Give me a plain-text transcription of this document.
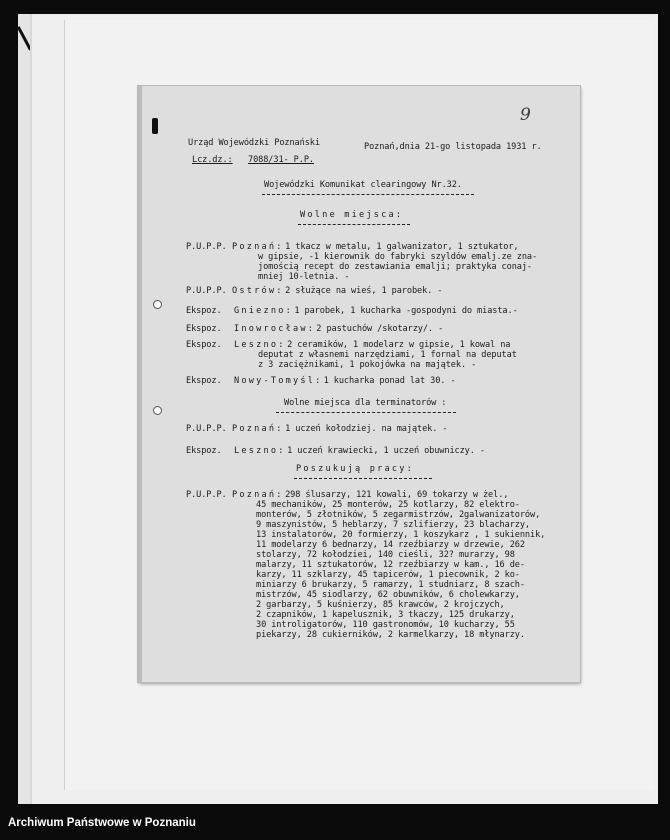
9
Urząd Wojewódzki Poznański	Poznań,dnia 21-go listopada 1931 r.
Lcz.dz.: 7088/31- P.P.
Wojewódzki Komunikat clearingowy Nr.32.
Wolne miejsca:
P.U.P.P. Poznań: 1 tkacz w metalu, 1 galwanizator, 1 sztukator,
w gipsie, -1 kierownik do fabryki szyldów emalj.ze zna-
jomością recept do zestawiania emalji; praktyka conaj-
mniej 10-letnia. -
P.U.P.P. Ostrów: 2 służące na wieś, 1 parobek. -
Ekspoz. Gniezno: 1 parobek, 1 kucharka -gospodyni do miasta.-
Ekspoz. Inowrocław: 2 pastuchów /skotarzy/. -
Ekspoz. Leszno: 2 ceramików, 1 modelarz w gipsie, 1 kowal na
deputat z własnemi narzędziami, 1 fornal na deputat
z 3 zaciężnikami, 1 pokojówka na majątek. -
Ekspoz. Nowy-Tomyśl: 1 kucharka ponad lat 30. -
Wolne miejsca dla terminatorów :
P.U.P.P. Poznań: 1 uczeń kołodziej. na majątek. -
Ekspoz. Leszno: 1 uczeń krawiecki, 1 uczeń obuwniczy. -
Poszukują pracy:
P.U.P.P. Poznań: 298 ślusarzy, 121 kowali, 69 tokarzy w żel.,
45 mechaników, 25 monterów, 25 kotlarzy, 82 elektro-
monterów, 5 złotników, 5 zegarmistrzów, 2galwanizatorów,
9 maszynistów, 5 heblarzy, 7 szlifierzy, 23 blacharzy,
13 instalatorów, 20 formierzy, 1 koszykarz , 1 sukiennik,
11 modelarzy 6 bednarzy, 14 rzeźbiarzy w drzewie, 262
stolarzy, 72 kołodziei, 140 cieśli, 32? murarzy, 98
malarzy, 11 sztukatorów, 12 rzeźbiarzy w kam., 16 de-
karzy, 11 szklarzy, 45 tapicerów, 1 piecownik, 2 ko-
miniarzy 6 brukarzy, 5 ramarzy, 1 studniarz, 8 szach-
mistrzów, 45 siodlarzy, 62 obuwników, 6 cholewkarzy,
2 garbarzy, 5 kuśnierzy, 85 krawców, 2 krojczych,
2 czapników, 1 kapelusznik, 3 tkaczy, 125 drukarzy,
30 introligatorów, 110 gastronomów, 10 kucharzy, 55
piekarzy, 28 cukierników, 2 karmelkarzy, 18 młynarzy.
Archiwum Państwowe w Poznaniu
